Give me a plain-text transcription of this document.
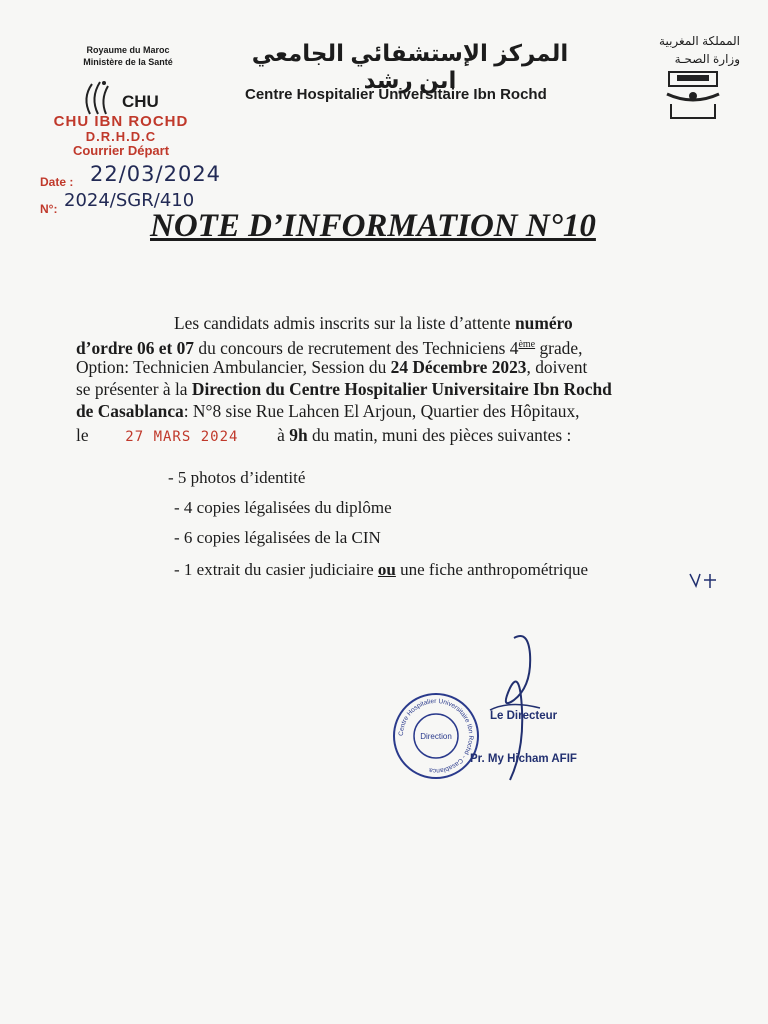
Royaume du Maroc
Ministère de la Santé
CHU
المركز الإستشفائي الجامعي ابن رشد
Centre Hospitalier Universitaire Ibn Rochd
المملكة المغربية
وزارة الصحـة
CHU IBN ROCHD
D.R.H.D.C
Courrier Départ
Date : 22/03/2024
N°: 2024/SGR/410
NOTE D’INFORMATION N°10
Les candidats admis inscrits sur la liste d’attente numéro
d’ordre 06 et 07 du concours de recrutement des Techniciens 4ème grade,
Option: Technicien Ambulancier, Session du 24 Décembre 2023, doivent
se présenter à la Direction du Centre Hospitalier Universitaire Ibn Rochd
de Casablanca: N°8 sise Rue Lahcen El Arjoun, Quartier des Hôpitaux,
le	27 MARS 2024 à 9h du matin, muni des pièces suivantes :
- 5 photos d’identité
- 4 copies légalisées du diplôme
- 6 copies légalisées de la CIN
- 1 extrait du casier judiciaire ou une fiche anthropométrique
Centre Hospitalier Universitaire Ibn Rochd - Casablanca
Direction
Le Directeur
Pr. My Hicham AFIF
